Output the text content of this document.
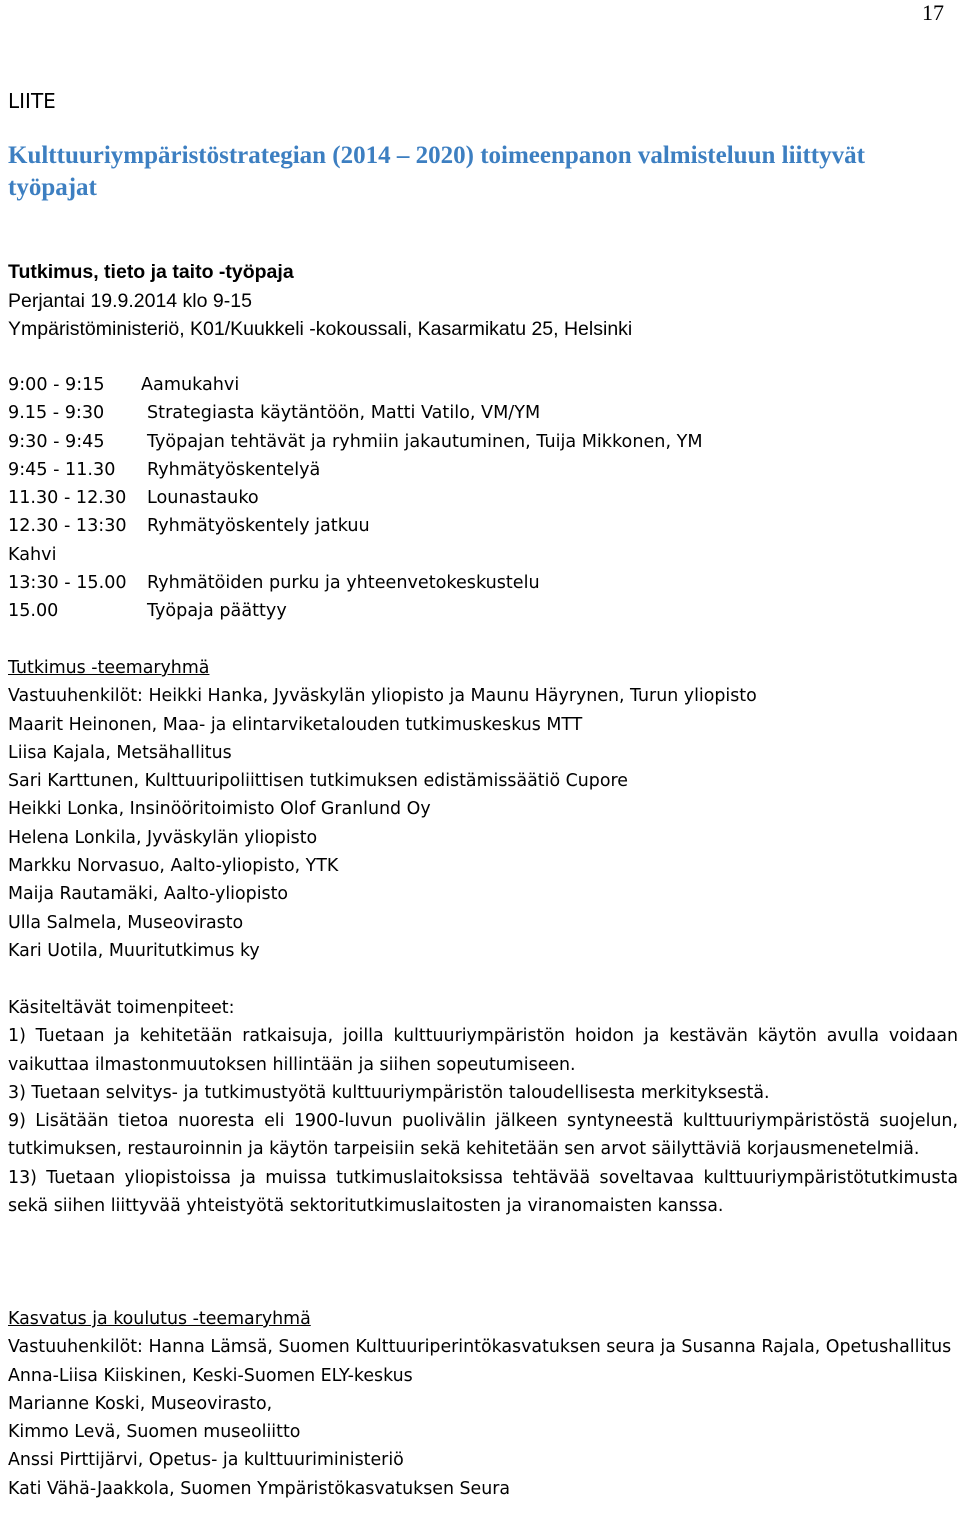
17
LIITE
Kulttuuriympäristöstrategian (2014 – 2020) toimeenpanon valmisteluun liittyvät työpajat
Tutkimus, tieto ja taito -työpaja
Perjantai 19.9.2014 klo 9-15
Ympäristöministeriö, K01/Kuukkeli -kokoussali, Kasarmikatu 25, Helsinki
9:00 - 9:15 Aamukahvi
9.15 - 9:30 Strategiasta käytäntöön, Matti Vatilo, VM/YM
9:30 - 9:45 Työpajan tehtävät ja ryhmiin jakautuminen, Tuija Mikkonen, YM
9:45 - 11.30 Ryhmätyöskentelyä
11.30 - 12.30 Lounastauko
12.30 - 13:30 Ryhmätyöskentely jatkuu
Kahvi
13:30 - 15.00 Ryhmätöiden purku ja yhteenvetokeskustelu
15.00	Työpaja päättyy
Tutkimus -teemaryhmä
Vastuuhenkilöt: Heikki Hanka, Jyväskylän yliopisto ja Maunu Häyrynen, Turun yliopisto
Maarit Heinonen, Maa- ja elintarviketalouden tutkimuskeskus MTT
Liisa Kajala, Metsähallitus
Sari Karttunen, Kulttuuripoliittisen tutkimuksen edistämissäätiö Cupore
Heikki Lonka, Insinööritoimisto Olof Granlund Oy
Helena Lonkila, Jyväskylän yliopisto
Markku Norvasuo, Aalto-yliopisto, YTK
Maija Rautamäki, Aalto-yliopisto
Ulla Salmela, Museovirasto
Kari Uotila, Muuritutkimus ky
Käsiteltävät toimenpiteet:
1) Tuetaan ja kehitetään ratkaisuja, joilla kulttuuriympäristön hoidon ja kestävän käytön avulla voidaan vaikuttaa ilmastonmuutoksen hillintään ja siihen sopeutumiseen.
3) Tuetaan selvitys- ja tutkimustyötä kulttuuriympäristön taloudellisesta merkityksestä.
9) Lisätään tietoa nuoresta eli 1900-luvun puolivälin jälkeen syntyneestä kulttuuriympäristöstä suojelun, tutkimuksen, restauroinnin ja käytön tarpeisiin sekä kehitetään sen arvot säilyttäviä korjausmenetelmiä.
13) Tuetaan yliopistoissa ja muissa tutkimuslaitoksissa tehtävää soveltavaa kulttuuriympäristötutkimusta sekä siihen liittyvää yhteistyötä sektoritutkimuslaitosten ja viranomaisten kanssa.
Kasvatus ja koulutus -teemaryhmä
Vastuuhenkilöt: Hanna Lämsä, Suomen Kulttuuriperintökasvatuksen seura ja Susanna Rajala, Opetushallitus
Anna-Liisa Kiiskinen, Keski-Suomen ELY-keskus
Marianne Koski, Museovirasto,
Kimmo Levä, Suomen museoliitto
Anssi Pirttijärvi, Opetus- ja kulttuuriministeriö
Kati Vähä-Jaakkola, Suomen Ympäristökasvatuksen Seura
